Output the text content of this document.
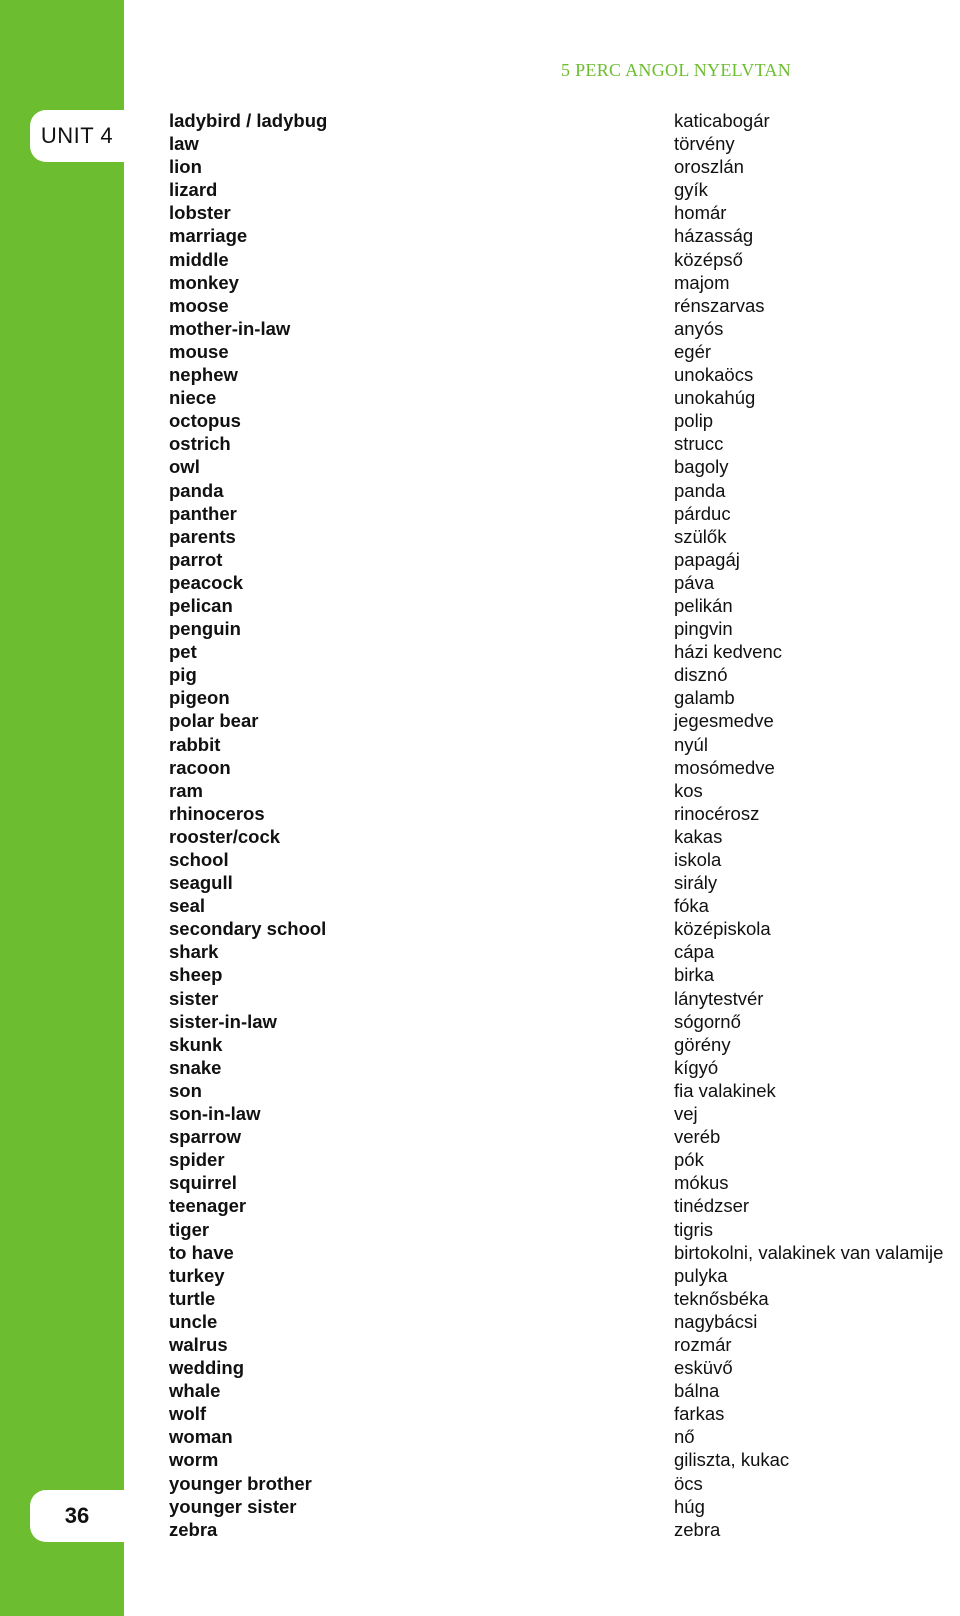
UNIT 4
36
5 PERC ANGOL NYELVTAN
ladybird / ladybug	katicabogár
law	törvény
lion	oroszlán
lizard	gyík
lobster	homár
marriage	házasság
middle	középső
monkey	majom
moose	rénszarvas
mother-in-law	anyós
mouse	egér
nephew	unokaöcs
niece	unokahúg
octopus	polip
ostrich	strucc
owl	bagoly
panda	panda
panther	párduc
parents	szülők
parrot	papagáj
peacock	páva
pelican	pelikán
penguin	pingvin
pet	házi kedvenc
pig	disznó
pigeon	galamb
polar bear	jegesmedve
rabbit	nyúl
racoon	mosómedve
ram	kos
rhinoceros	rinocérosz
rooster/cock	kakas
school	iskola
seagull	sirály
seal	fóka
secondary school	középiskola
shark	cápa
sheep	birka
sister	lánytestvér
sister-in-law	sógornő
skunk	görény
snake	kígyó
son	fia valakinek
son-in-law	vej
sparrow	veréb
spider	pók
squirrel	mókus
teenager	tinédzser
tiger	tigris
to have	birtokolni, valakinek van valamije
turkey	pulyka
turtle	teknősbéka
uncle	nagybácsi
walrus	rozmár
wedding	esküvő
whale	bálna
wolf	farkas
woman	nő
worm	giliszta, kukac
younger brother	öcs
younger sister	húg
zebra	zebra
